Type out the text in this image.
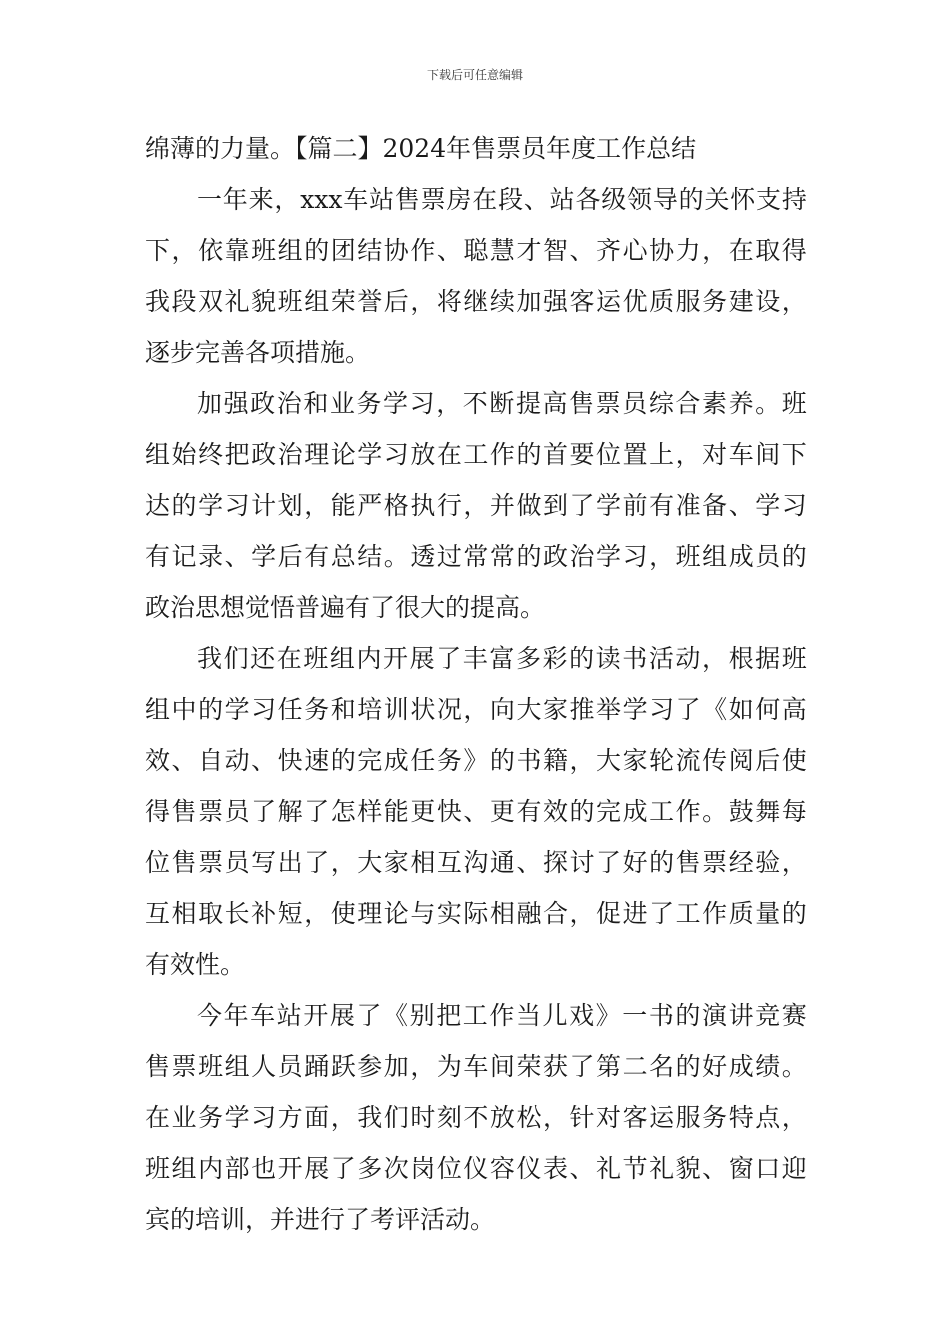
下载后可任意编辑
绵薄的力量。【篇二】2024年售票员年度工作总结
一 年 来 ， xxx 车 站 售 票 房 在 段 、 站 各 级 领 导 的 关 怀 支 持
下 ， 依 靠 班 组 的 团 结 协 作 、 聪 慧 才 智 、 齐 心 协 力 ， 在 取 得
我 段 双 礼 貌 班 组 荣 誉 后 ， 将 继 续 加 强 客 运 优 质 服 务 建 设 ，
逐步完善各项措施。
加 强 政 治 和 业 务 学 习 ， 不 断 提 高 售 票 员 综 合 素 养 。 班
组 始 终 把 政 治 理 论 学 习 放 在 工 作 的 首 要 位 置 上 ， 对 车 间 下
达 的 学 习 计 划 ， 能 严 格 执 行 ， 并 做 到 了 学 前 有 准 备 、 学 习
有 记 录 、 学 后 有 总 结 。 透 过 常 常 的 政 治 学 习 ， 班 组 成 员 的
政治思想觉悟普遍有了很大的提高。
我 们 还 在 班 组 内 开 展 了 丰 富 多 彩 的 读 书 活 动 ， 根 据 班
组 中 的 学 习 任 务 和 培 训 状 况 ， 向 大 家 推 举 学 习 了 《 如 何 高
效 、 自 动 、 快 速 的 完 成 任 务 》 的 书 籍 ， 大 家 轮 流 传 阅 后 使
得 售 票 员 了 解 了 怎 样 能 更 快 、 更 有 效 的 完 成 工 作 。 鼓 舞 每
位 售 票 员 写 出 了 ， 大 家 相 互 沟 通 、 探 讨 了 好 的 售 票 经 验 ，
互 相 取 长 补 短 ， 使 理 论 与 实 际 相 融 合 ， 促 进 了 工 作 质 量 的
有效性。
今 年 车 站 开 展 了 《 别 把 工 作 当 儿 戏 》 一 书 的 演 讲 竞 赛
售 票 班 组 人 员 踊 跃 参 加 ， 为 车 间 荣 获 了 第 二 名 的 好 成 绩 。
在 业 务 学 习 方 面 ， 我 们 时 刻 不 放 松 ， 针 对 客 运 服 务 特 点 ，
班 组 内 部 也 开 展 了 多 次 岗 位 仪 容 仪 表 、 礼 节 礼 貌 、 窗 口 迎
宾的培训，并进行了考评活动。
